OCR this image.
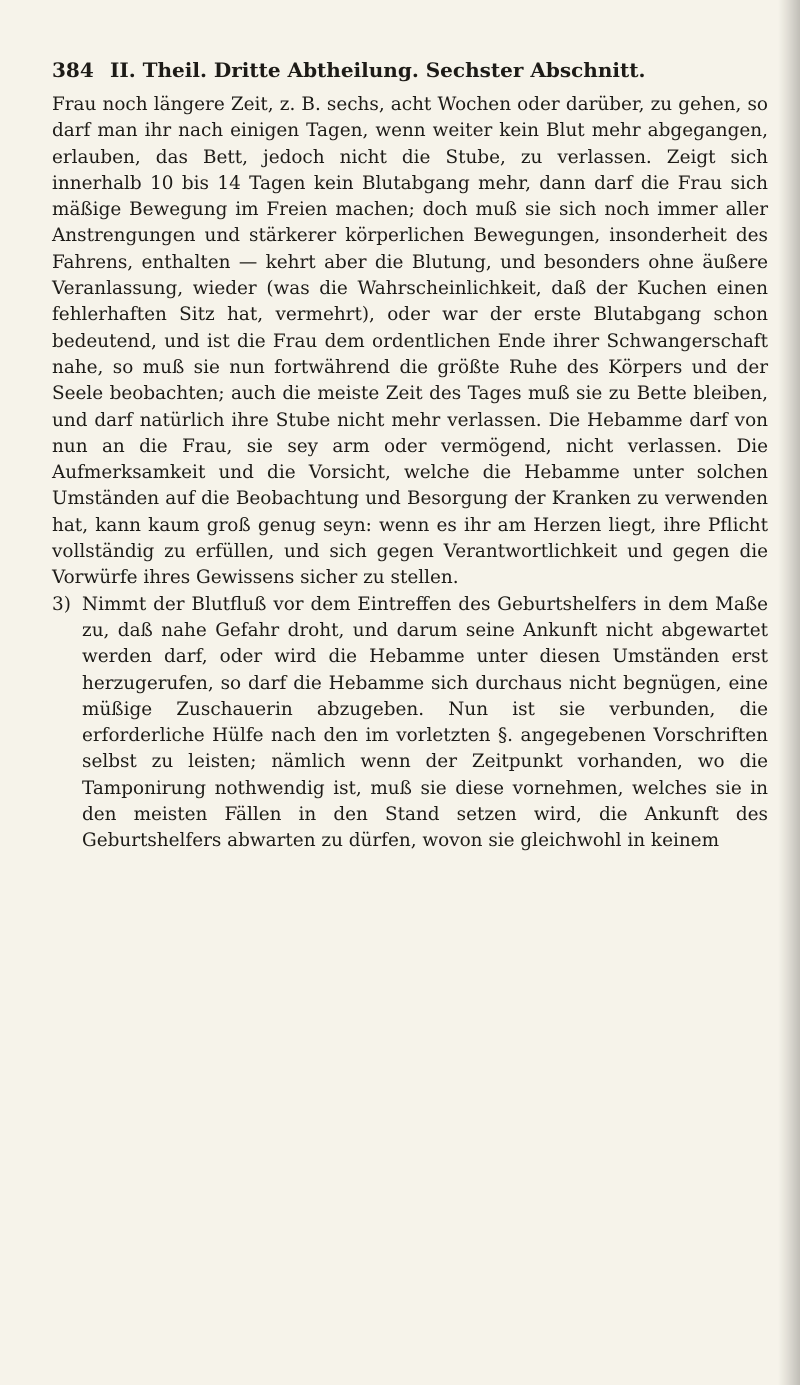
384 II. Theil. Dritte Abtheilung. Sechster Abschnitt.

Frau noch längere Zeit, z. B. sechs, acht Wochen oder darüber, zu gehen, so darf man ihr nach einigen Tagen, wenn weiter kein Blut mehr abgegangen, erlauben, das Bett, jedoch nicht die Stube, zu verlassen. Zeigt sich innerhalb 10 bis 14 Tagen kein Blutabgang mehr, dann darf die Frau sich mäßige Bewegung im Freien machen; doch muß sie sich noch immer aller Anstrengungen und stärkerer körperlichen Bewegungen, insonderheit des Fahrens, enthalten — kehrt aber die Blutung, und besonders ohne äußere Veranlassung, wieder (was die Wahrscheinlichkeit, daß der Kuchen einen fehlerhaften Sitz hat, vermehrt), oder war der erste Blutabgang schon bedeutend, und ist die Frau dem ordentlichen Ende ihrer Schwangerschaft nahe, so muß sie nun fortwährend die größte Ruhe des Körpers und der Seele beobachten; auch die meiste Zeit des Tages muß sie zu Bette bleiben, und darf natürlich ihre Stube nicht mehr verlassen. Die Hebamme darf von nun an die Frau, sie sey arm oder vermögend, nicht verlassen. Die Aufmerksamkeit und die Vorsicht, welche die Hebamme unter solchen Umständen auf die Beobachtung und Besorgung der Kranken zu verwenden hat, kann kaum groß genug seyn: wenn es ihr am Herzen liegt, ihre Pflicht vollständig zu erfüllen, und sich gegen Verantwortlichkeit und gegen die Vorwürfe ihres Gewissens sicher zu stellen.

3) Nimmt der Blutfluß vor dem Eintreffen des Geburtshelfers in dem Maße zu, daß nahe Gefahr droht, und darum seine Ankunft nicht abgewartet werden darf, oder wird die Hebamme unter diesen Umständen erst herzugerufen, so darf die Hebamme sich durchaus nicht begnügen, eine müßige Zuschauerin abzugeben. Nun ist sie verbunden, die erforderliche Hülfe nach den im vorletzten §. angegebenen Vorschriften selbst zu leisten; nämlich wenn der Zeitpunkt vorhanden, wo die Tamponirung nothwendig ist, muß sie diese vornehmen, welches sie in den meisten Fällen in den Stand setzen wird, die Ankunft des Geburtshelfers abwarten zu dürfen, wovon sie gleichwohl in keinem
